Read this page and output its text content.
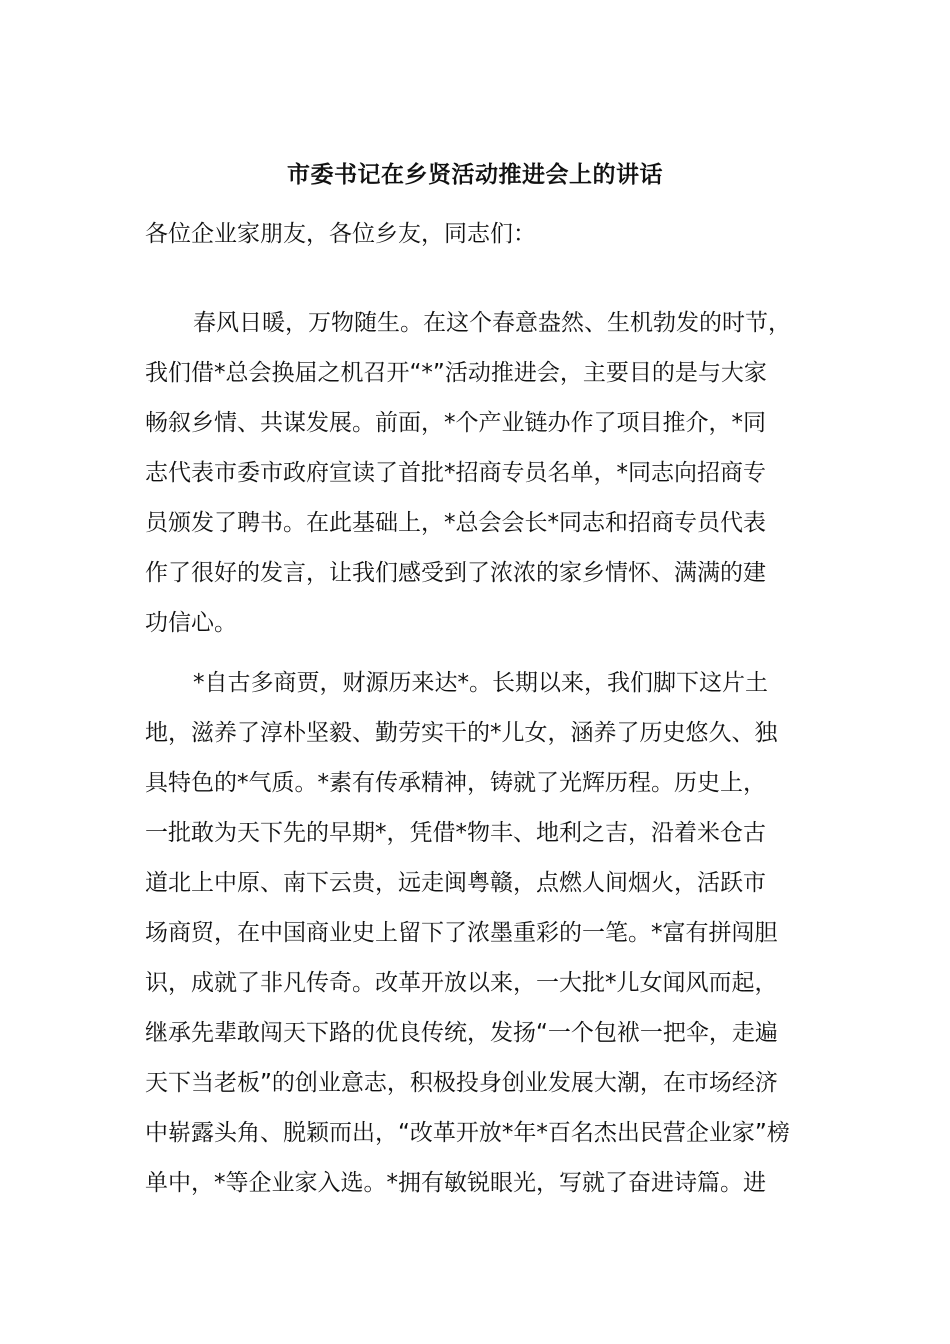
市委书记在乡贤活动推进会上的讲话

各位企业家朋友，各位乡友，同志们：

春风日暖，万物随生。在这个春意盎然、生机勃发的时节，
我们借*总会换届之机召开“*”活动推进会，主要目的是与大家
畅叙乡情、共谋发展。前面，*个产业链办作了项目推介，*同
志代表市委市政府宣读了首批*招商专员名单，*同志向招商专
员颁发了聘书。在此基础上，*总会会长*同志和招商专员代表
作了很好的发言，让我们感受到了浓浓的家乡情怀、满满的建
功信心。
*自古多商贾，财源历来达*。长期以来，我们脚下这片土
地，滋养了淳朴坚毅、勤劳实干的*儿女，涵养了历史悠久、独
具特色的*气质。*素有传承精神，铸就了光辉历程。历史上，
一批敢为天下先的早期*，凭借*物丰、地利之吉，沿着米仓古
道北上中原、南下云贵，远走闽粤赣，点燃人间烟火，活跃市
场商贸，在中国商业史上留下了浓墨重彩的一笔。*富有拼闯胆
识，成就了非凡传奇。改革开放以来，一大批*儿女闻风而起，
继承先辈敢闯天下路的优良传统，发扬“一个包袱一把伞，走遍
天下当老板”的创业意志，积极投身创业发展大潮，在市场经济
中崭露头角、脱颖而出，“改革开放*年*百名杰出民营企业家”榜
单中，*等企业家入选。*拥有敏锐眼光，写就了奋进诗篇。进
